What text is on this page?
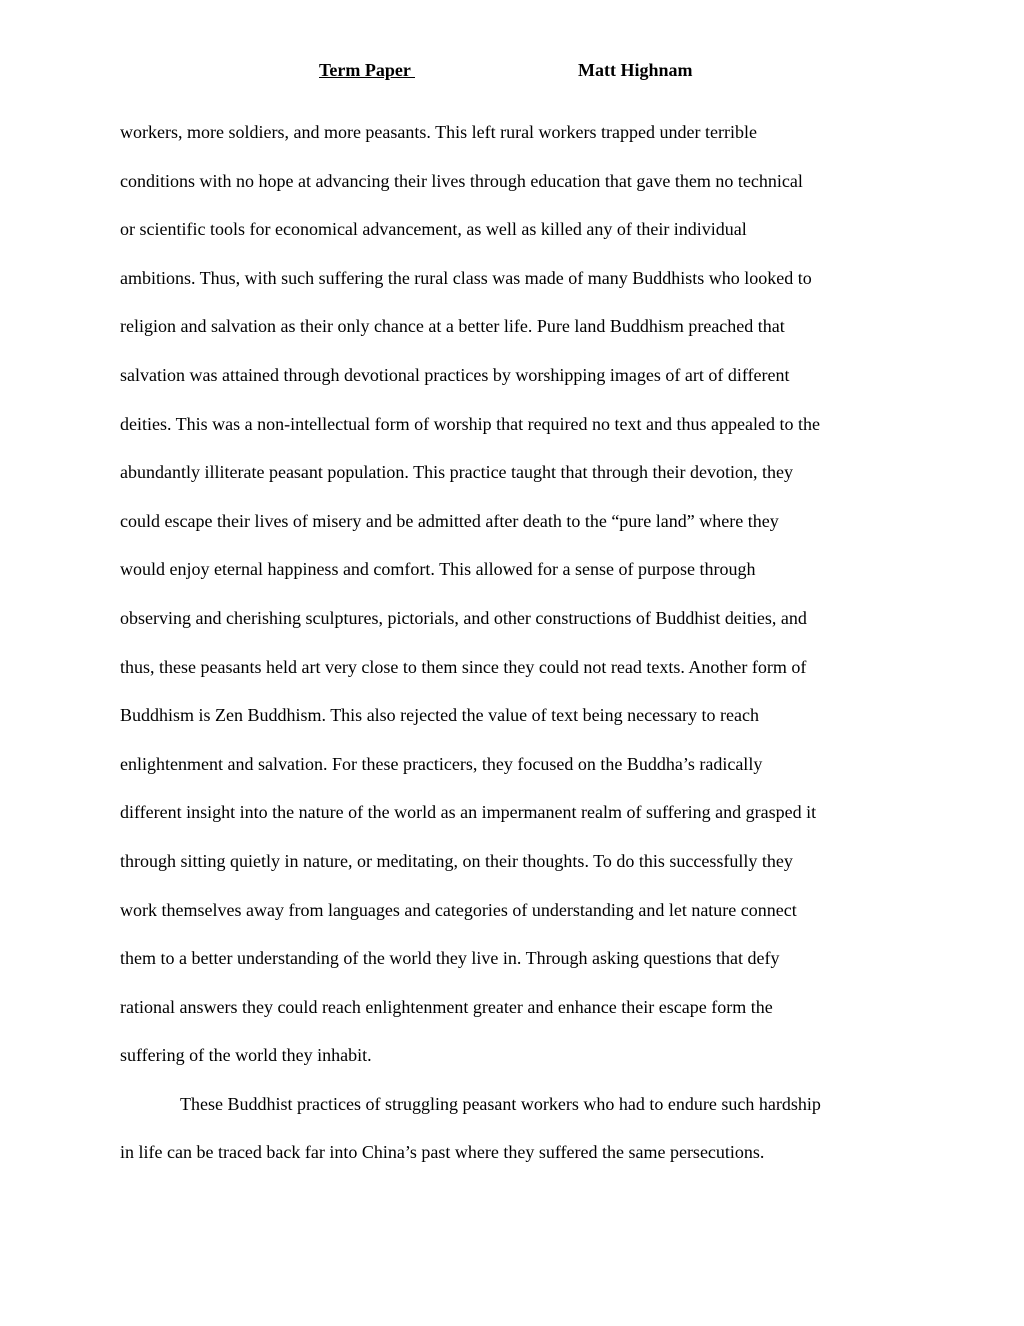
Term Paper	Matt Highnam
workers, more soldiers, and more peasants. This left rural workers trapped under terrible
conditions with no hope at advancing their lives through education that gave them no technical
or scientific tools for economical advancement, as well as killed any of their individual
ambitions. Thus, with such suffering the rural class was made of many Buddhists who looked to
religion and salvation as their only chance at a better life. Pure land Buddhism preached that
salvation was attained through devotional practices by worshipping images of art of different
deities. This was a non-intellectual form of worship that required no text and thus appealed to the
abundantly illiterate peasant population. This practice taught that through their devotion, they
could escape their lives of misery and be admitted after death to the “pure land” where they
would enjoy eternal happiness and comfort. This allowed for a sense of purpose through
observing and cherishing sculptures, pictorials, and other constructions of Buddhist deities, and
thus, these peasants held art very close to them since they could not read texts. Another form of
Buddhism is Zen Buddhism. This also rejected the value of text being necessary to reach
enlightenment and salvation. For these practicers, they focused on the Buddha’s radically
different insight into the nature of the world as an impermanent realm of suffering and grasped it
through sitting quietly in nature, or meditating, on their thoughts. To do this successfully they
work themselves away from languages and categories of understanding and let nature connect
them to a better understanding of the world they live in. Through asking questions that defy
rational answers they could reach enlightenment greater and enhance their escape form the
suffering of the world they inhabit.
These Buddhist practices of struggling peasant workers who had to endure such hardship
in life can be traced back far into China’s past where they suffered the same persecutions.
